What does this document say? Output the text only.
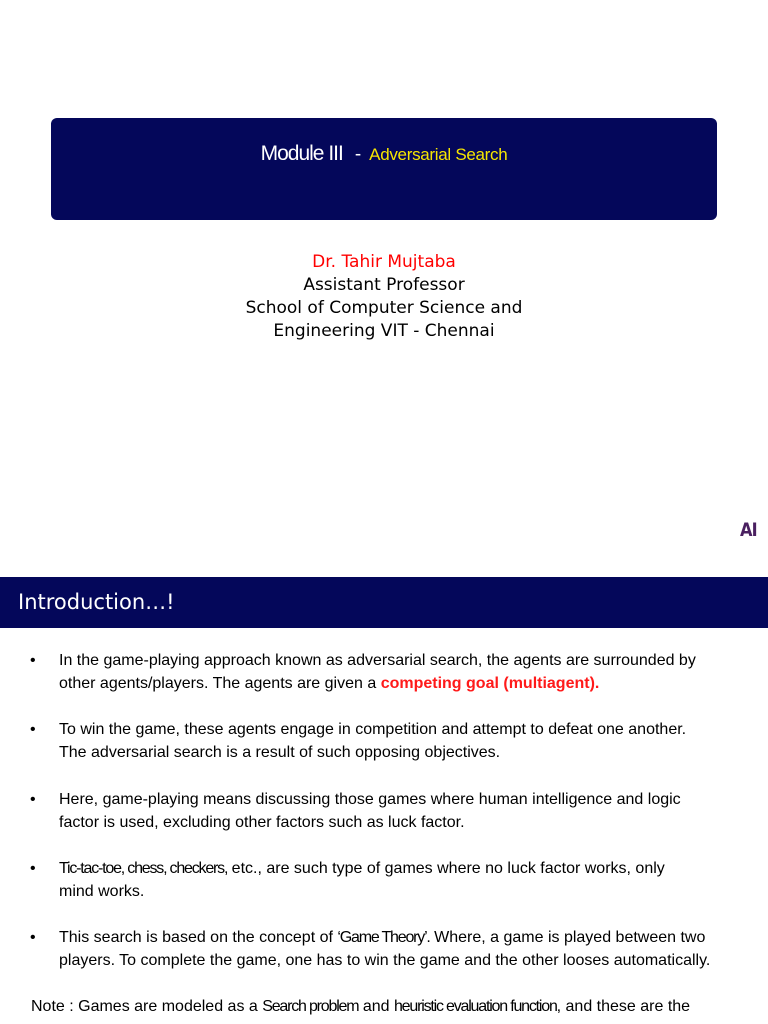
Module III - Adversarial Search
Dr. Tahir Mujtaba
Assistant Professor
School of Computer Science and
Engineering VIT - Chennai
AI
Introduction…!
• In the game-playing approach known as adversarial search, the agents are surrounded by
other agents/players. The agents are given a competing goal (multiagent).
• To win the game, these agents engage in competition and attempt to defeat one another.
The adversarial search is a result of such opposing objectives.
• Here, game-playing means discussing those games where human intelligence and logic
factor is used, excluding other factors such as luck factor.
• Tic-tac-toe, chess, checkers, etc., are such type of games where no luck factor works, only
mind works.
• This search is based on the concept of ‘Game Theory’. Where, a game is played between two
players. To complete the game, one has to win the game and the other looses automatically.
Note : Games are modeled as a Search problem and heuristic evaluation function, and these are the
